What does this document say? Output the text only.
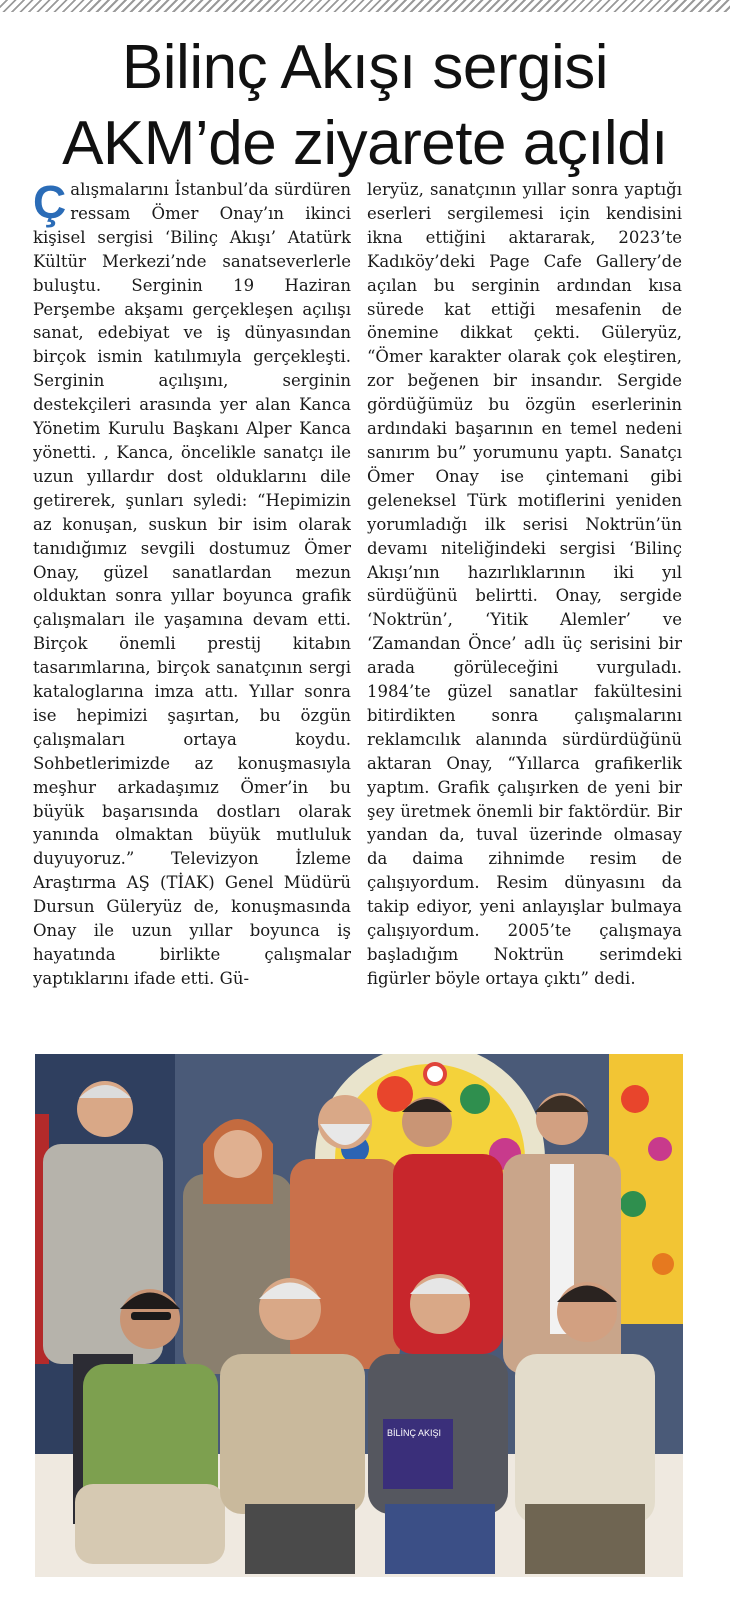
Bilinç Akışı sergisi
AKM’de ziyarete açıldı
Ç alışmalarını İstanbul’da sürdüren ressam Ömer Onay’ın ikinci kişisel sergisi ‘Bilinç Akışı’ Atatürk Kültür Merkezi’nde sanatseverlerle buluştu. Serginin 19 Haziran Perşembe akşamı gerçekleşen açılışı sanat, edebiyat ve iş dünyasından birçok ismin katılımıyla gerçekleşti. Serginin açılışını, serginin destekçileri arasında yer alan Kanca Yönetim Kurulu Başkanı Alper Kanca yönetti. , Kanca, öncelikle sanatçı ile uzun yıllardır dost olduklarını dile getirerek, şunları syledi: “Hepimizin az konuşan, suskun bir isim olarak tanıdığımız sevgili dostumuz Ömer Onay, güzel sanatlardan mezun olduktan sonra yıllar boyunca grafik çalışmaları ile yaşamına devam etti. Birçok önemli prestij kitabın tasarımlarına, birçok sanatçının sergi kataloglarına imza attı. Yıllar sonra ise hepimizi şaşırtan, bu özgün çalışmaları ortaya koydu. Sohbetlerimizde az konuşmasıyla meşhur arkadaşımız Ömer’in bu büyük başarısında dostları olarak yanında olmaktan büyük mutluluk duyuyoruz.” Televizyon İzleme Araştırma AŞ (TİAK) Genel Müdürü Dursun Güleryüz de, konuşmasında Onay ile uzun yıllar boyunca iş hayatında birlikte çalışmalar yaptıklarını ifade etti. Gü-

leryüz, sanatçının yıllar sonra yaptığı eserleri sergilemesi için kendisini ikna ettiğini aktararak, 2023’te Kadıköy’deki Page Cafe Gallery’de açılan bu serginin ardından kısa sürede kat ettiği mesafenin de önemine dikkat çekti. Güleryüz, “Ömer karakter olarak çok eleştiren, zor beğenen bir insandır. Sergide gördüğümüz bu özgün eserlerinin ardındaki başarının en temel nedeni sanırım bu” yorumunu yaptı. Sanatçı Ömer Onay ise çintemani gibi geleneksel Türk motiflerini yeniden yorumladığı ilk serisi Noktrün’ün devamı niteliğindeki sergisi ‘Bilinç Akışı’nın hazırlıklarının iki yıl sürdüğünü belirtti. Onay, sergide ‘Noktrün’, ‘Yitik Alemler’ ve ‘Zamandan Önce’ adlı üç serisini bir arada görüleceğini vurguladı. 1984’te güzel sanatlar fakültesini bitirdikten sonra çalışmalarını reklamcılık alanında sürdürdüğünü aktaran Onay, “Yıllarca grafikerlik yaptım. Grafik çalışırken de yeni bir şey üretmek önemli bir faktördür. Bir yandan da, tuval üzerinde olmasay da daima zihnimde resim de çalışıyordum. Resim dünyasını da takip ediyor, yeni anlayışlar bulmaya çalışıyordum. 2005’te çalışmaya başladığım Noktrün serimdeki figürler böyle ortaya çıktı” dedi.

BİLİNÇ AKIŞI
